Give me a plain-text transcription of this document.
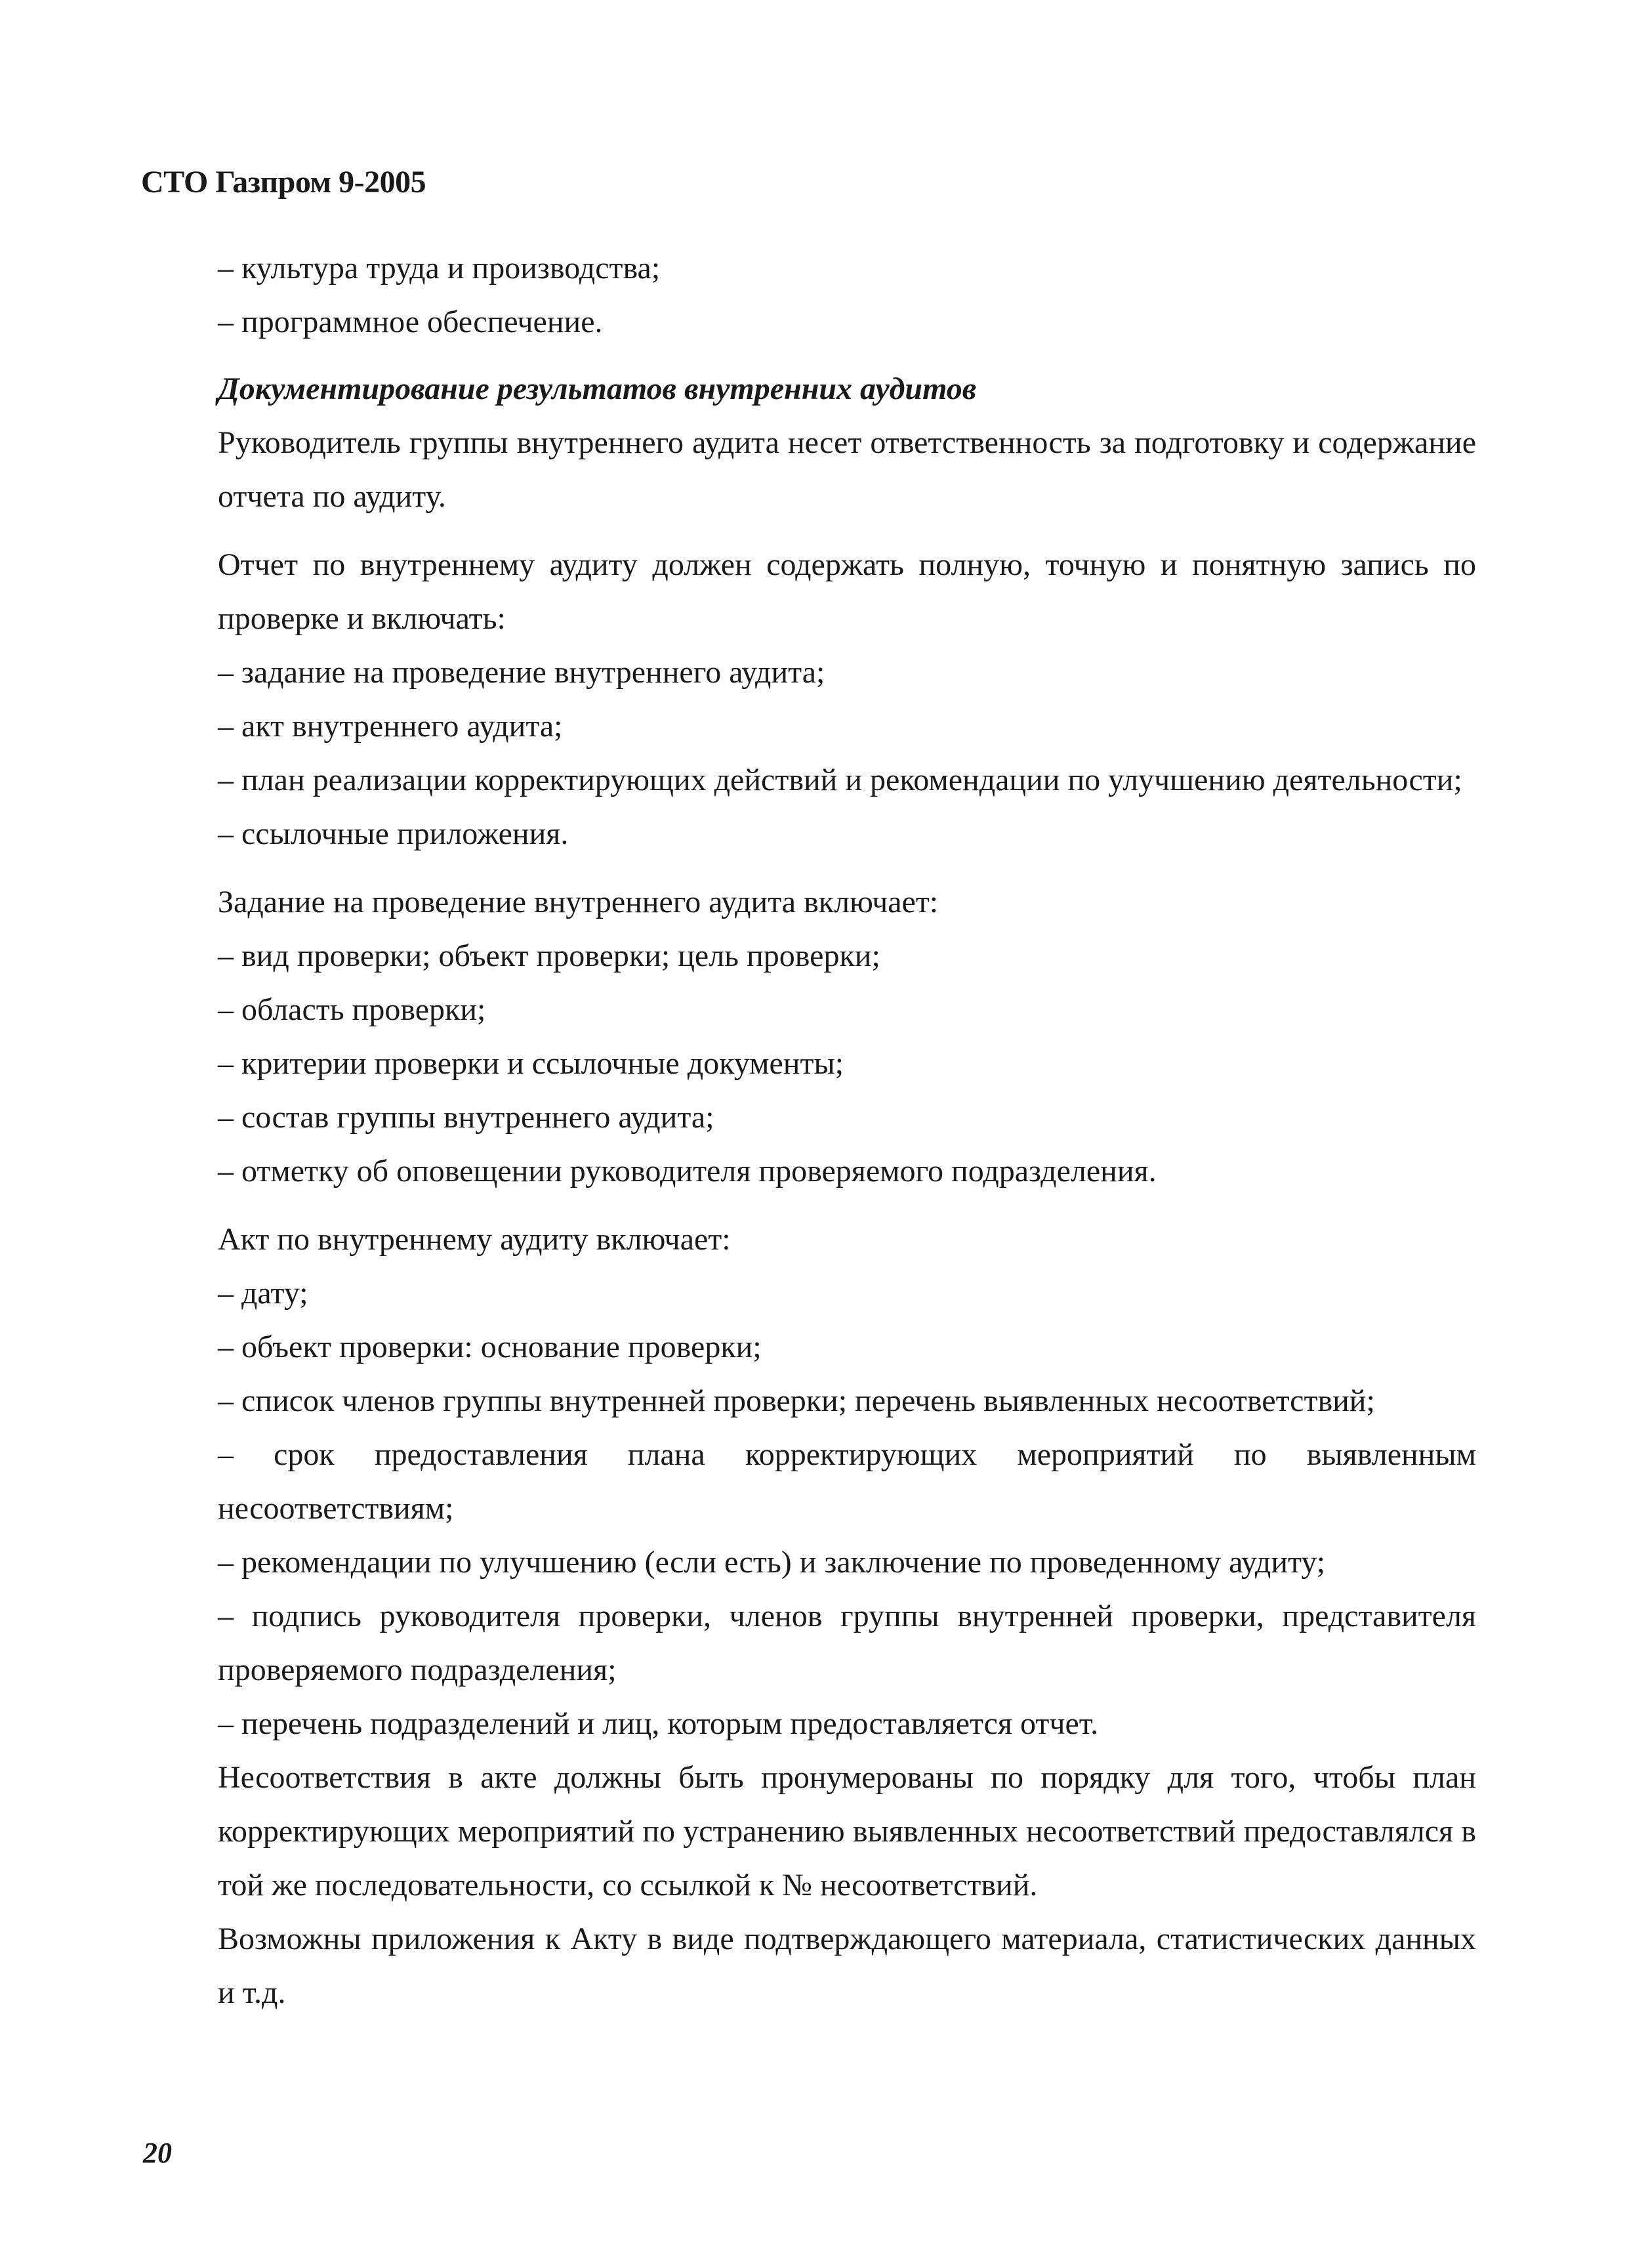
СТО Газпром 9-2005
– культура труда и производства;
– программное обеспечение.
Документирование результатов внутренних аудитов
Руководитель группы внутреннего аудита несет ответственность за подготовку и содержание отчета по аудиту.
Отчет по внутреннему аудиту должен содержать полную, точную и понятную запись по проверке и включать:
– задание на проведение внутреннего аудита;
– акт внутреннего аудита;
– план реализации корректирующих действий и рекомендации по улучшению деятельности;
– ссылочные приложения.
Задание на проведение внутреннего аудита включает:
– вид проверки; объект проверки; цель проверки;
– область проверки;
– критерии проверки и ссылочные документы;
– состав группы внутреннего аудита;
– отметку об оповещении руководителя проверяемого подразделения.
Акт по внутреннему аудиту включает:
– дату;
– объект проверки: основание проверки;
– список членов группы внутренней проверки; перечень выявленных несоответствий;
– срок предоставления плана корректирующих мероприятий по выявленным несоответствиям;
– рекомендации по улучшению (если есть) и заключение по проведенному аудиту;
– подпись руководителя проверки, членов группы внутренней проверки, представителя проверяемого подразделения;
– перечень подразделений и лиц, которым предоставляется отчет.
Несоответствия в акте должны быть пронумерованы по порядку для того, чтобы план корректирующих мероприятий по устранению выявленных несоответствий предоставлялся в той же последовательности, со ссылкой к № несоответствий.
Возможны приложения к Акту в виде подтверждающего материала, статистических данных и т.д.
20
